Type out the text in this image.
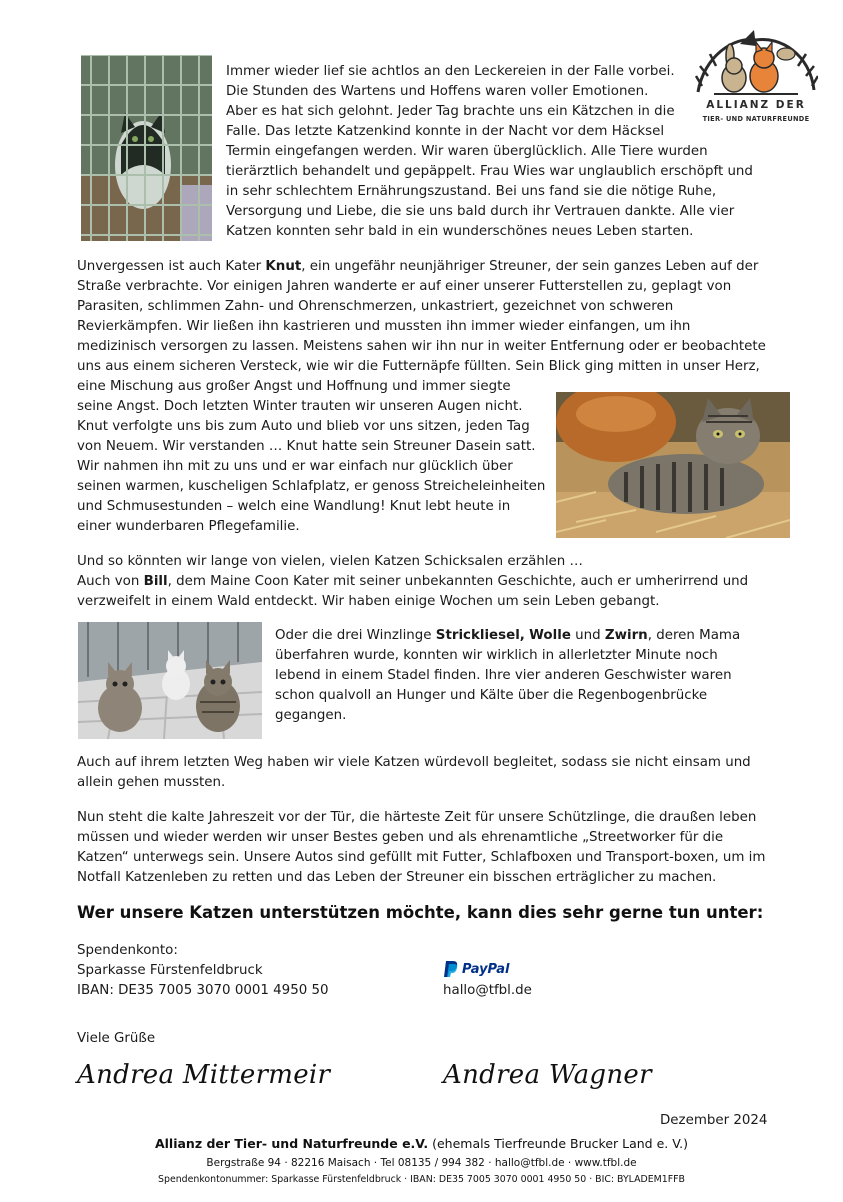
ALLIANZ DER
TIER- UND NATURFREUNDE

Immer wieder lief sie achtlos an den Leckereien in der Falle vorbei.

Die Stunden des Wartens und Hoffens waren voller Emotionen.

Aber es hat sich gelohnt. Jeder Tag brachte uns ein Kätzchen in die

Falle. Das letzte Katzenkind konnte in der Nacht vor dem Häcksel

Termin eingefangen werden. Wir waren überglücklich. Alle Tiere wurden

tierärztlich behandelt und gepäppelt. Frau Wies war unglaublich erschöpft und

in sehr schlechtem Ernährungszustand. Bei uns fand sie die nötige Ruhe,

Versorgung und Liebe, die sie uns bald durch ihr Vertrauen dankte. Alle vier

Katzen konnten sehr bald in ein wunderschönes neues Leben starten.

Unvergessen ist auch Kater Knut, ein ungefähr neunjähriger Streuner, der sein ganzes Leben auf der

Straße verbrachte. Vor einigen Jahren wanderte er auf einer unserer Futterstellen zu, geplagt von

Parasiten, schlimmen Zahn- und Ohrenschmerzen, unkastriert, gezeichnet von schweren

Revierkämpfen. Wir ließen ihn kastrieren und mussten ihn immer wieder einfangen, um ihn

medizinisch versorgen zu lassen. Meistens sahen wir ihn nur in weiter Entfernung oder er beobachtete

uns aus einem sicheren Versteck, wie wir die Futternäpfe füllten. Sein Blick ging mitten in unser Herz,

eine Mischung aus großer Angst und Hoffnung und immer siegte

seine Angst. Doch letzten Winter trauten wir unseren Augen nicht.

Knut verfolgte uns bis zum Auto und blieb vor uns sitzen, jeden Tag

von Neuem. Wir verstanden … Knut hatte sein Streuner Dasein satt.

Wir nahmen ihn mit zu uns und er war einfach nur glücklich über

seinen warmen, kuscheligen Schlafplatz, er genoss Streicheleinheiten

und Schmusestunden – welch eine Wandlung! Knut lebt heute in

einer wunderbaren Pflegefamilie.

Und so könnten wir lange von vielen, vielen Katzen Schicksalen erzählen …

Auch von Bill, dem Maine Coon Kater mit seiner unbekannten Geschichte, auch er umherirrend und

verzweifelt in einem Wald entdeckt. Wir haben einige Wochen um sein Leben gebangt.

Oder die drei Winzlinge Strickliesel, Wolle und Zwirn, deren Mama

überfahren wurde, konnten wir wirklich in allerletzter Minute noch

lebend in einem Stadel finden. Ihre vier anderen Geschwister waren

schon qualvoll an Hunger und Kälte über die Regenbogenbrücke

gegangen.

Auch auf ihrem letzten Weg haben wir viele Katzen würdevoll begleitet, sodass sie nicht einsam und

allein gehen mussten.

Nun steht die kalte Jahreszeit vor der Tür, die härteste Zeit für unsere Schützlinge, die draußen leben

müssen und wieder werden wir unser Bestes geben und als ehrenamtliche „Streetworker für die

Katzen“ unterwegs sein. Unsere Autos sind gefüllt mit Futter, Schlafboxen und Transport-boxen, um im

Notfall Katzenleben zu retten und das Leben der Streuner ein bisschen erträglicher zu machen.

Wer unsere Katzen unterstützen möchte, kann dies sehr gerne tun unter:

Spendenkonto:

Sparkasse Fürstenfeldbruck

IBAN: DE35 7005 3070 0001 4950 50

PayPal

hallo@tfbl.de

Viele Grüße

Andrea Mittermeir	Andrea Wagner

Dezember 2024

Allianz der Tier- und Naturfreunde e.V. (ehemals Tierfreunde Brucker Land e. V.)
Bergstraße 94 · 82216 Maisach · Tel 08135 / 994 382 · hallo@tfbl.de · www.tfbl.de
Spendenkontonummer: Sparkasse Fürstenfeldbruck · IBAN: DE35 7005 3070 0001 4950 50 · BIC: BYLADEM1FFB
